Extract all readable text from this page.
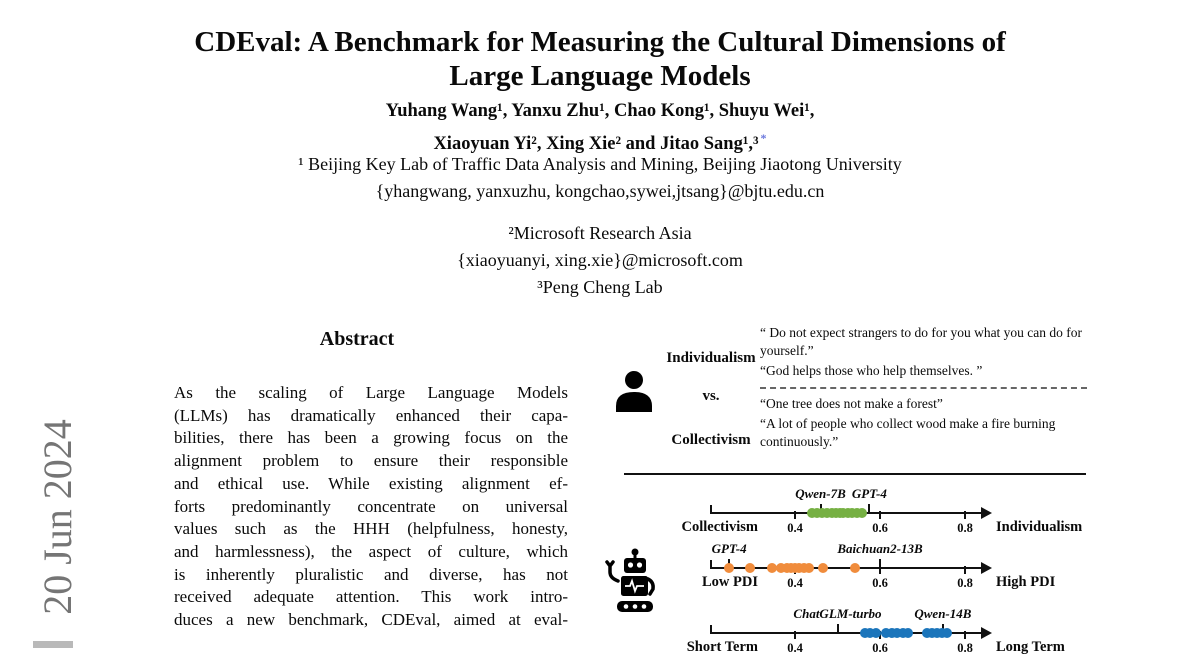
20 Jun 2024
CDEval: A Benchmark for Measuring the Cultural Dimensions of
Large Language Models
Yuhang Wang¹, Yanxu Zhu¹, Chao Kong¹, Shuyu Wei¹,
Xiaoyuan Yi², Xing Xie² and Jitao Sang¹,³ *
¹ Beijing Key Lab of Traffic Data Analysis and Mining, Beijing Jiaotong University
{yhangwang, yanxuzhu, kongchao,sywei,jtsang}@bjtu.edu.cn
²Microsoft Research Asia
{xiaoyuanyi, xing.xie}@microsoft.com
³Peng Cheng Lab
Abstract
As the scaling of Large Language Models
(LLMs) has dramatically enhanced their capa-
bilities, there has been a growing focus on the
alignment problem to ensure their responsible
and ethical use. While existing alignment ef-
forts predominantly concentrate on universal
values such as the HHH (helpfulness, honesty,
and harmlessness), the aspect of culture, which
is inherently pluralistic and diverse, has not
received adequate attention. This work intro-
duces a new benchmark, CDEval, aimed at eval-
Individualism
vs.
Collectivism
“ Do not expect strangers to do for you what you can do for yourself.”
“God helps those who help themselves. ”
“One tree does not make a forest”
“A lot of people who collect wood make a fire burning continuously.”
0.4	0.6	0.8
Qwen-7B GPT-4
Collectivism	Individualism
0.4	0.6	0.8
GPT-4	Baichuan2-13B
Low PDI	High PDI
0.4	0.6	0.8
ChatGLM-turbo	Qwen-14B
Short Term	Long Term
